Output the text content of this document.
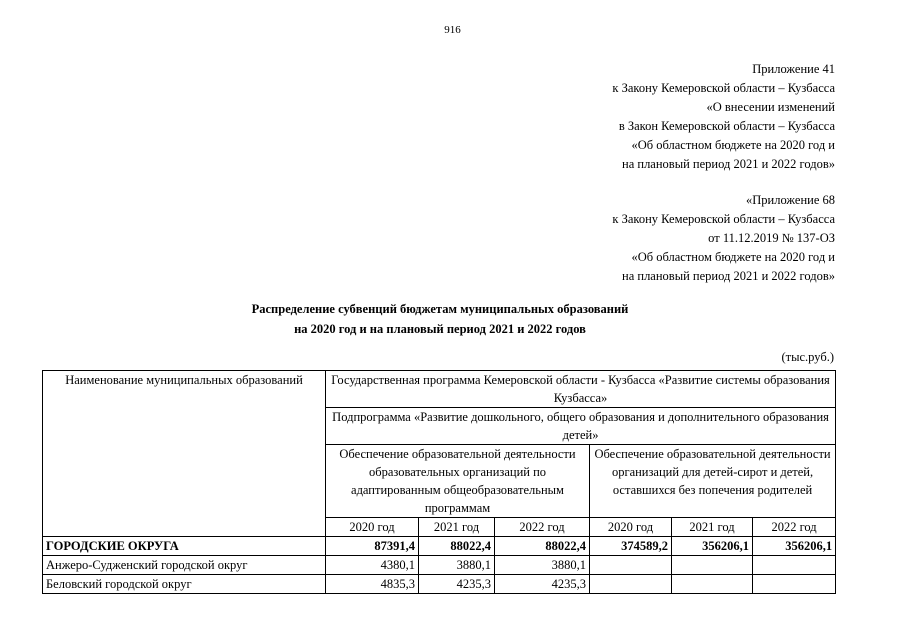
916
Приложение 41
к Закону Кемеровской области – Кузбасса
«О внесении изменений
в Закон Кемеровской области – Кузбасса
«Об областном бюджете на 2020 год и
на плановый период 2021 и 2022 годов»
«Приложение 68
к Закону Кемеровской области – Кузбасса
от 11.12.2019 № 137-ОЗ
«Об областном бюджете на 2020 год и
на плановый период 2021 и 2022 годов»
Распределение субвенций бюджетам муниципальных образований
на 2020 год и на плановый период 2021 и 2022 годов
(тыс.руб.)
Наименование муниципальных образований	Государственная программа Кемеровской области - Кузбасса «Развитие системы образования Кузбасса»					
	Подпрограмма «Развитие дошкольного, общего образования и дополнительного образования детей»					
	Обеспечение образовательной деятельности образовательных организаций по адаптированным общеобразовательным программам			Обеспечение образовательной деятельности организаций для детей-сирот и детей, оставшихся без попечения родителей		
	2020 год	2021 год	2022 год	2020 год	2021 год	2022 год
ГОРОДСКИЕ ОКРУГА	87391,4	88022,4	88022,4	374589,2	356206,1	356206,1
Анжеро-Судженский городской округ	4380,1	3880,1	3880,1			
Беловский городской округ	4835,3	4235,3	4235,3			
